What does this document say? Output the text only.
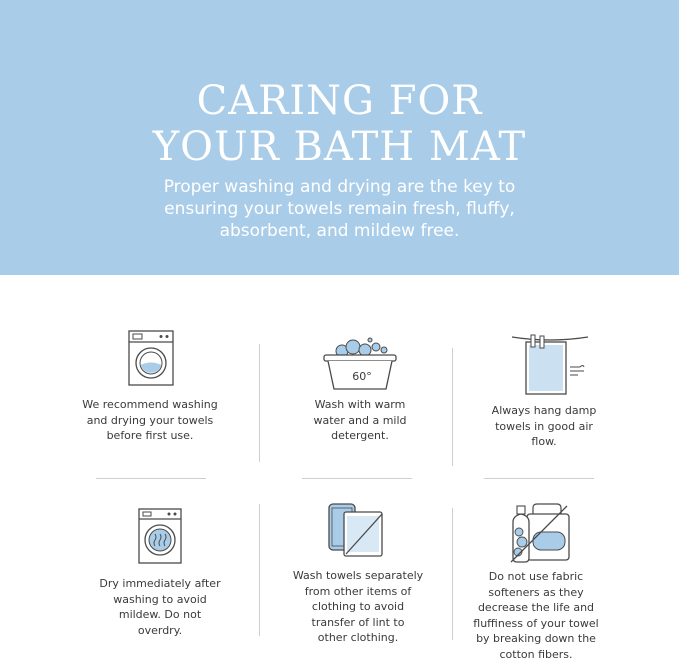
CARING FOR
YOUR BATH MAT
Proper washing and drying are the key to
ensuring your towels remain fresh, fluffy,
absorbent, and mildew free.
We recommend washing
and drying your towels
before first use.
60°
Wash with warm
water and a mild
detergent.
Always hang damp
towels in good air
flow.
Dry immediately after
washing to avoid
mildew. Do not
overdry.
Wash towels separately
from other items of
clothing to avoid
transfer of lint to
other clothing.
Do not use fabric
softeners as they
decrease the life and
fluffiness of your towel
by breaking down the
cotton fibers.
